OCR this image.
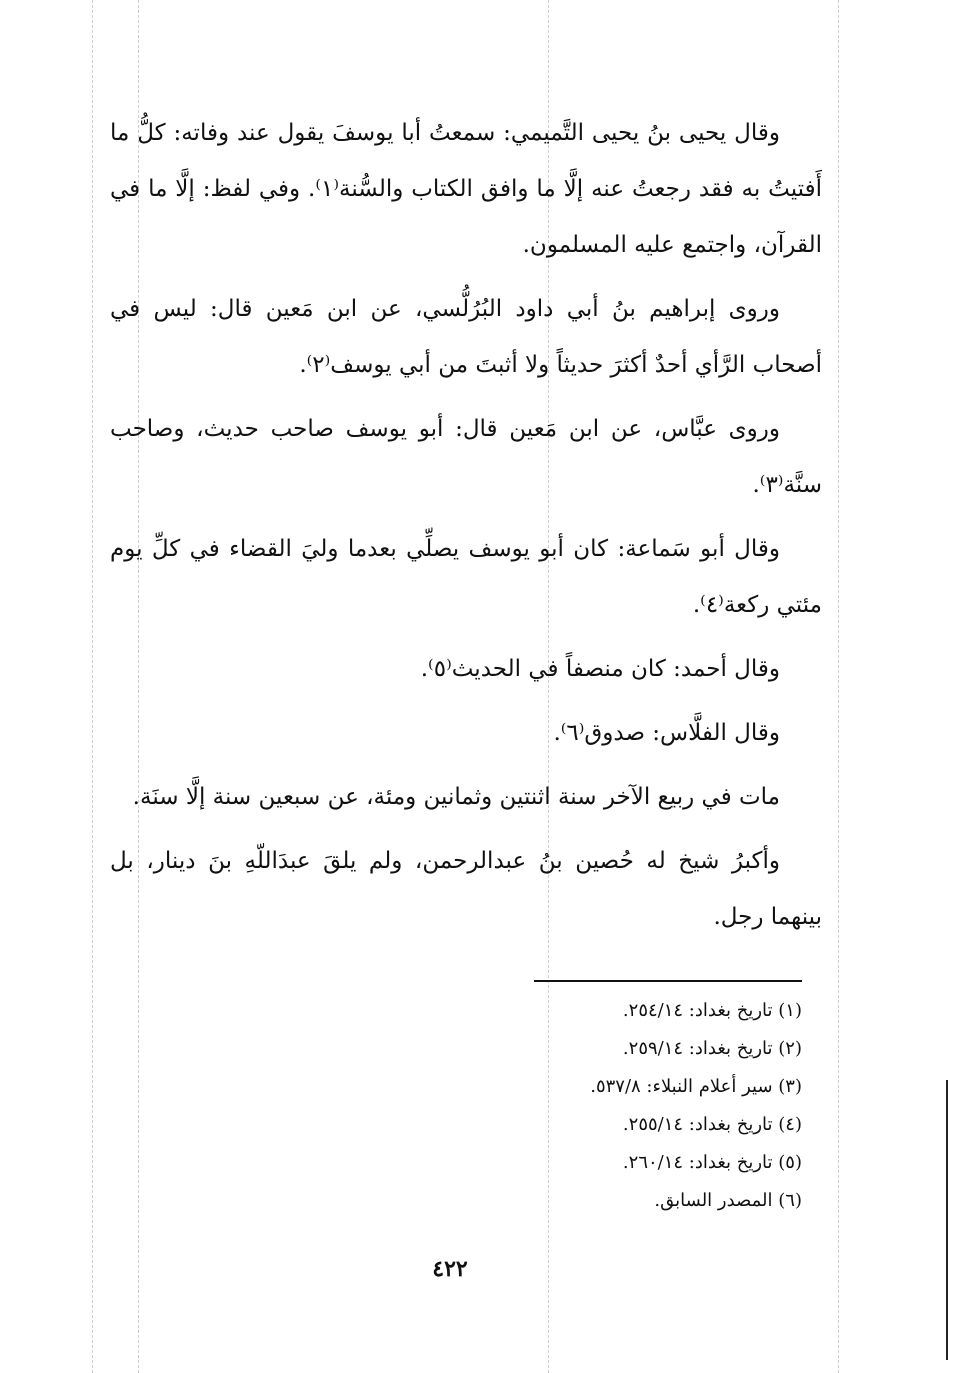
وقال يحيى بنُ يحيى التَّميمي: سمعتُ أبا يوسفَ يقول عند وفاته: كلُّ ما أَفتيتُ به فقد رجعتُ عنه إلَّا ما وافق الكتاب والسُّنة⁽١⁾. وفي لفظ: إلَّا ما في القرآن، واجتمع عليه المسلمون.

وروى إبراهيم بنُ أبي داود البُرُلُّسي، عن ابن مَعين قال: ليس في أصحاب الرَّأي أحدٌ أكثرَ حديثاً ولا أثبتَ من أبي يوسف⁽٢⁾.

وروى عبَّاس، عن ابن مَعين قال: أبو يوسف صاحب حديث، وصاحب سنَّة⁽٣⁾.

وقال أبو سَماعة: كان أبو يوسف يصلِّي بعدما وليَ القضاء في كلِّ يوم مئتي ركعة⁽٤⁾.

وقال أحمد: كان منصفاً في الحديث⁽٥⁾.

وقال الفلَّاس: صدوق⁽٦⁾.

مات في ربيع الآخر سنة اثنتين وثمانين ومئة، عن سبعين سنة إلَّا سنَة.

وأكبرُ شيخ له حُصين بنُ عبدالرحمن، ولم يلقَ عبدَاللّهِ بنَ دينار، بل بينهما رجل.

(١) تاريخ بغداد: ٢٥٤/١٤.
(٢) تاريخ بغداد: ٢٥٩/١٤.
(٣) سير أعلام النبلاء: ٥٣٧/٨.
(٤) تاريخ بغداد: ٢٥٥/١٤.
(٥) تاريخ بغداد: ٢٦٠/١٤.
(٦) المصدر السابق.
٤٢٢
